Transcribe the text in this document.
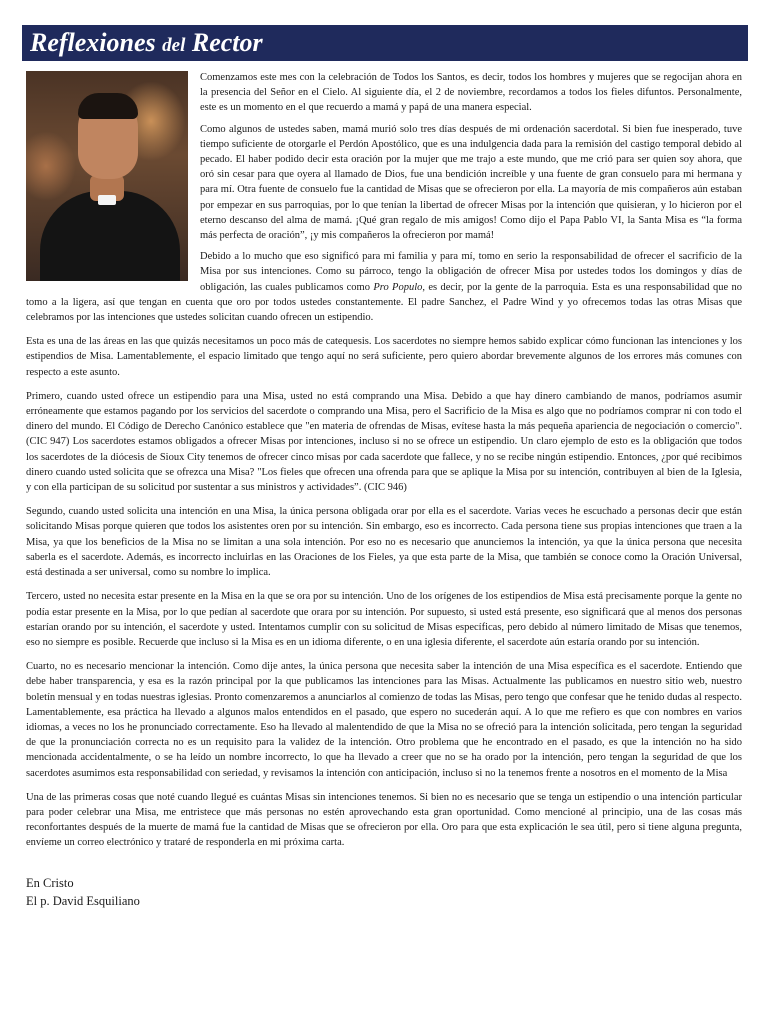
Reflexiones del Rector

Comenzamos este mes con la celebración de Todos los Santos, es decir, todos los hombres y mujeres que se regocijan ahora en la presencia del Señor en el Cielo. Al siguiente día, el 2 de noviembre, recordamos a todos los fieles difuntos. Personalmente, este es un momento en el que recuerdo a mamá y papá de una manera especial.

Como algunos de ustedes saben, mamá murió solo tres días después de mi ordenación sacerdotal. Si bien fue inesperado, tuve tiempo suficiente de otorgarle el Perdón Apostólico, que es una indulgencia dada para la remisión del castigo temporal debido al pecado. El haber podido decir esta oración por la mujer que me trajo a este mundo, que me crió para ser quien soy ahora, que oró sin cesar para que oyera al llamado de Dios, fue una bendición increíble y una fuente de gran consuelo para mi hermana y para mí. Otra fuente de consuelo fue la cantidad de Misas que se ofrecieron por ella. La mayoría de mis compañeros aún estaban por empezar en sus parroquias, por lo que tenían la libertad de ofrecer Misas por la intención que quisieran, y lo hicieron por el eterno descanso del alma de mamá. ¡Qué gran regalo de mis amigos! Como dijo el Papa Pablo VI, la Santa Misa es “la forma más perfecta de oración”, ¡y mis compañeros la ofrecieron por mamá!

Debido a lo mucho que eso significó para mi familia y para mí, tomo en serio la responsabilidad de ofrecer el sacrificio de la Misa por sus intenciones. Como su párroco, tengo la obligación de ofrecer Misa por ustedes todos los domingos y días de obligación, las cuales publicamos como Pro Populo, es decir, por la gente de la parroquia. Esta es una responsabilidad que no tomo a la ligera, así que tengan en cuenta que oro por todos ustedes constantemente. El padre Sanchez, el Padre Wind y yo ofrecemos todas las otras Misas que celebramos por las intenciones que ustedes solicitan cuando ofrecen un estipendio.

Esta es una de las áreas en las que quizás necesitamos un poco más de catequesis. Los sacerdotes no siempre hemos sabido explicar cómo funcionan las intenciones y los estipendios de Misa. Lamentablemente, el espacio limitado que tengo aquí no será suficiente, pero quiero abordar brevemente algunos de los errores más comunes con respecto a este asunto.

Primero, cuando usted ofrece un estipendio para una Misa, usted no está comprando una Misa. Debido a que hay dinero cambiando de manos, podríamos asumir erróneamente que estamos pagando por los servicios del sacerdote o comprando una Misa, pero el Sacrificio de la Misa es algo que no podríamos comprar ni con todo el dinero del mundo. El Código de Derecho Canónico establece que "en materia de ofrendas de Misas, evítese hasta la más pequeña apariencia de negociación o comercio". (CIC 947) Los sacerdotes estamos obligados a ofrecer Misas por intenciones, incluso si no se ofrece un estipendio. Un claro ejemplo de esto es la obligación que todos los sacerdotes de la diócesis de Sioux City tenemos de ofrecer cinco misas por cada sacerdote que fallece, y no se recibe ningún estipendio. Entonces, ¿por qué recibimos dinero cuando usted solicita que se ofrezca una Misa? "Los fieles que ofrecen una ofrenda para que se aplique la Misa por su intención, contribuyen al bien de la Iglesia, y con ella participan de su solicitud por sustentar a sus ministros y actividades”. (CIC 946)

Segundo, cuando usted solicita una intención en una Misa, la única persona obligada orar por ella es el sacerdote. Varias veces he escuchado a personas decir que están solicitando Misas porque quieren que todos los asistentes oren por su intención. Sin embargo, eso es incorrecto. Cada persona tiene sus propias intenciones que traen a la Misa, ya que los beneficios de la Misa no se limitan a una sola intención. Por eso no es necesario que anunciemos la intención, ya que la única persona que necesita saberla es el sacerdote. Además, es incorrecto incluirlas en las Oraciones de los Fieles, ya que esta parte de la Misa, que también se conoce como la Oración Universal, está destinada a ser universal, como su nombre lo implica.

Tercero, usted no necesita estar presente en la Misa en la que se ora por su intención. Uno de los orígenes de los estipendios de Misa está precisamente porque la gente no podía estar presente en la Misa, por lo que pedían al sacerdote que orara por su intención. Por supuesto, si usted está presente, eso significará que al menos dos personas estarían orando por su intención, el sacerdote y usted. Intentamos cumplir con su solicitud de Misas específicas, pero debido al número limitado de Misas que tenemos, eso no siempre es posible. Recuerde que incluso si la Misa es en un idioma diferente, o en una iglesia diferente, el sacerdote aún estaría orando por su intención.

Cuarto, no es necesario mencionar la intención. Como dije antes, la única persona que necesita saber la intención de una Misa específica es el sacerdote. Entiendo que debe haber transparencia, y esa es la razón principal por la que publicamos las intenciones para las Misas. Actualmente las publicamos en nuestro sitio web, nuestro boletín mensual y en todas nuestras iglesias. Pronto comenzaremos a anunciarlos al comienzo de todas las Misas, pero tengo que confesar que he tenido dudas al respecto. Lamentablemente, esa práctica ha llevado a algunos malos entendidos en el pasado, que espero no sucederán aquí. A lo que me refiero es que con nombres en varios idiomas, a veces no los he pronunciado correctamente. Eso ha llevado al malentendido de que la Misa no se ofreció para la intención solicitada, pero tengan la seguridad de que la pronunciación correcta no es un requisito para la validez de la intención. Otro problema que he encontrado en el pasado, es que la intención no ha sido mencionada accidentalmente, o se ha leído un nombre incorrecto, lo que ha llevado a creer que no se ha orado por la intención, pero tengan la seguridad de que los sacerdotes asumimos esta responsabilidad con seriedad, y revisamos la intención con anticipación, incluso si no la tenemos frente a nosotros en el momento de la Misa

Una de las primeras cosas que noté cuando llegué es cuántas Misas sin intenciones tenemos. Si bien no es necesario que se tenga un estipendio o una intención particular para poder celebrar una Misa, me entristece que más personas no estén aprovechando esta gran oportunidad. Como mencioné al principio, una de las cosas más reconfortantes después de la muerte de mamá fue la cantidad de Misas que se ofrecieron por ella. Oro para que esta explicación le sea útil, pero si tiene alguna pregunta, envíeme un correo electrónico y trataré de responderla en mi próxima carta.

En Cristo
El p. David Esquiliano
